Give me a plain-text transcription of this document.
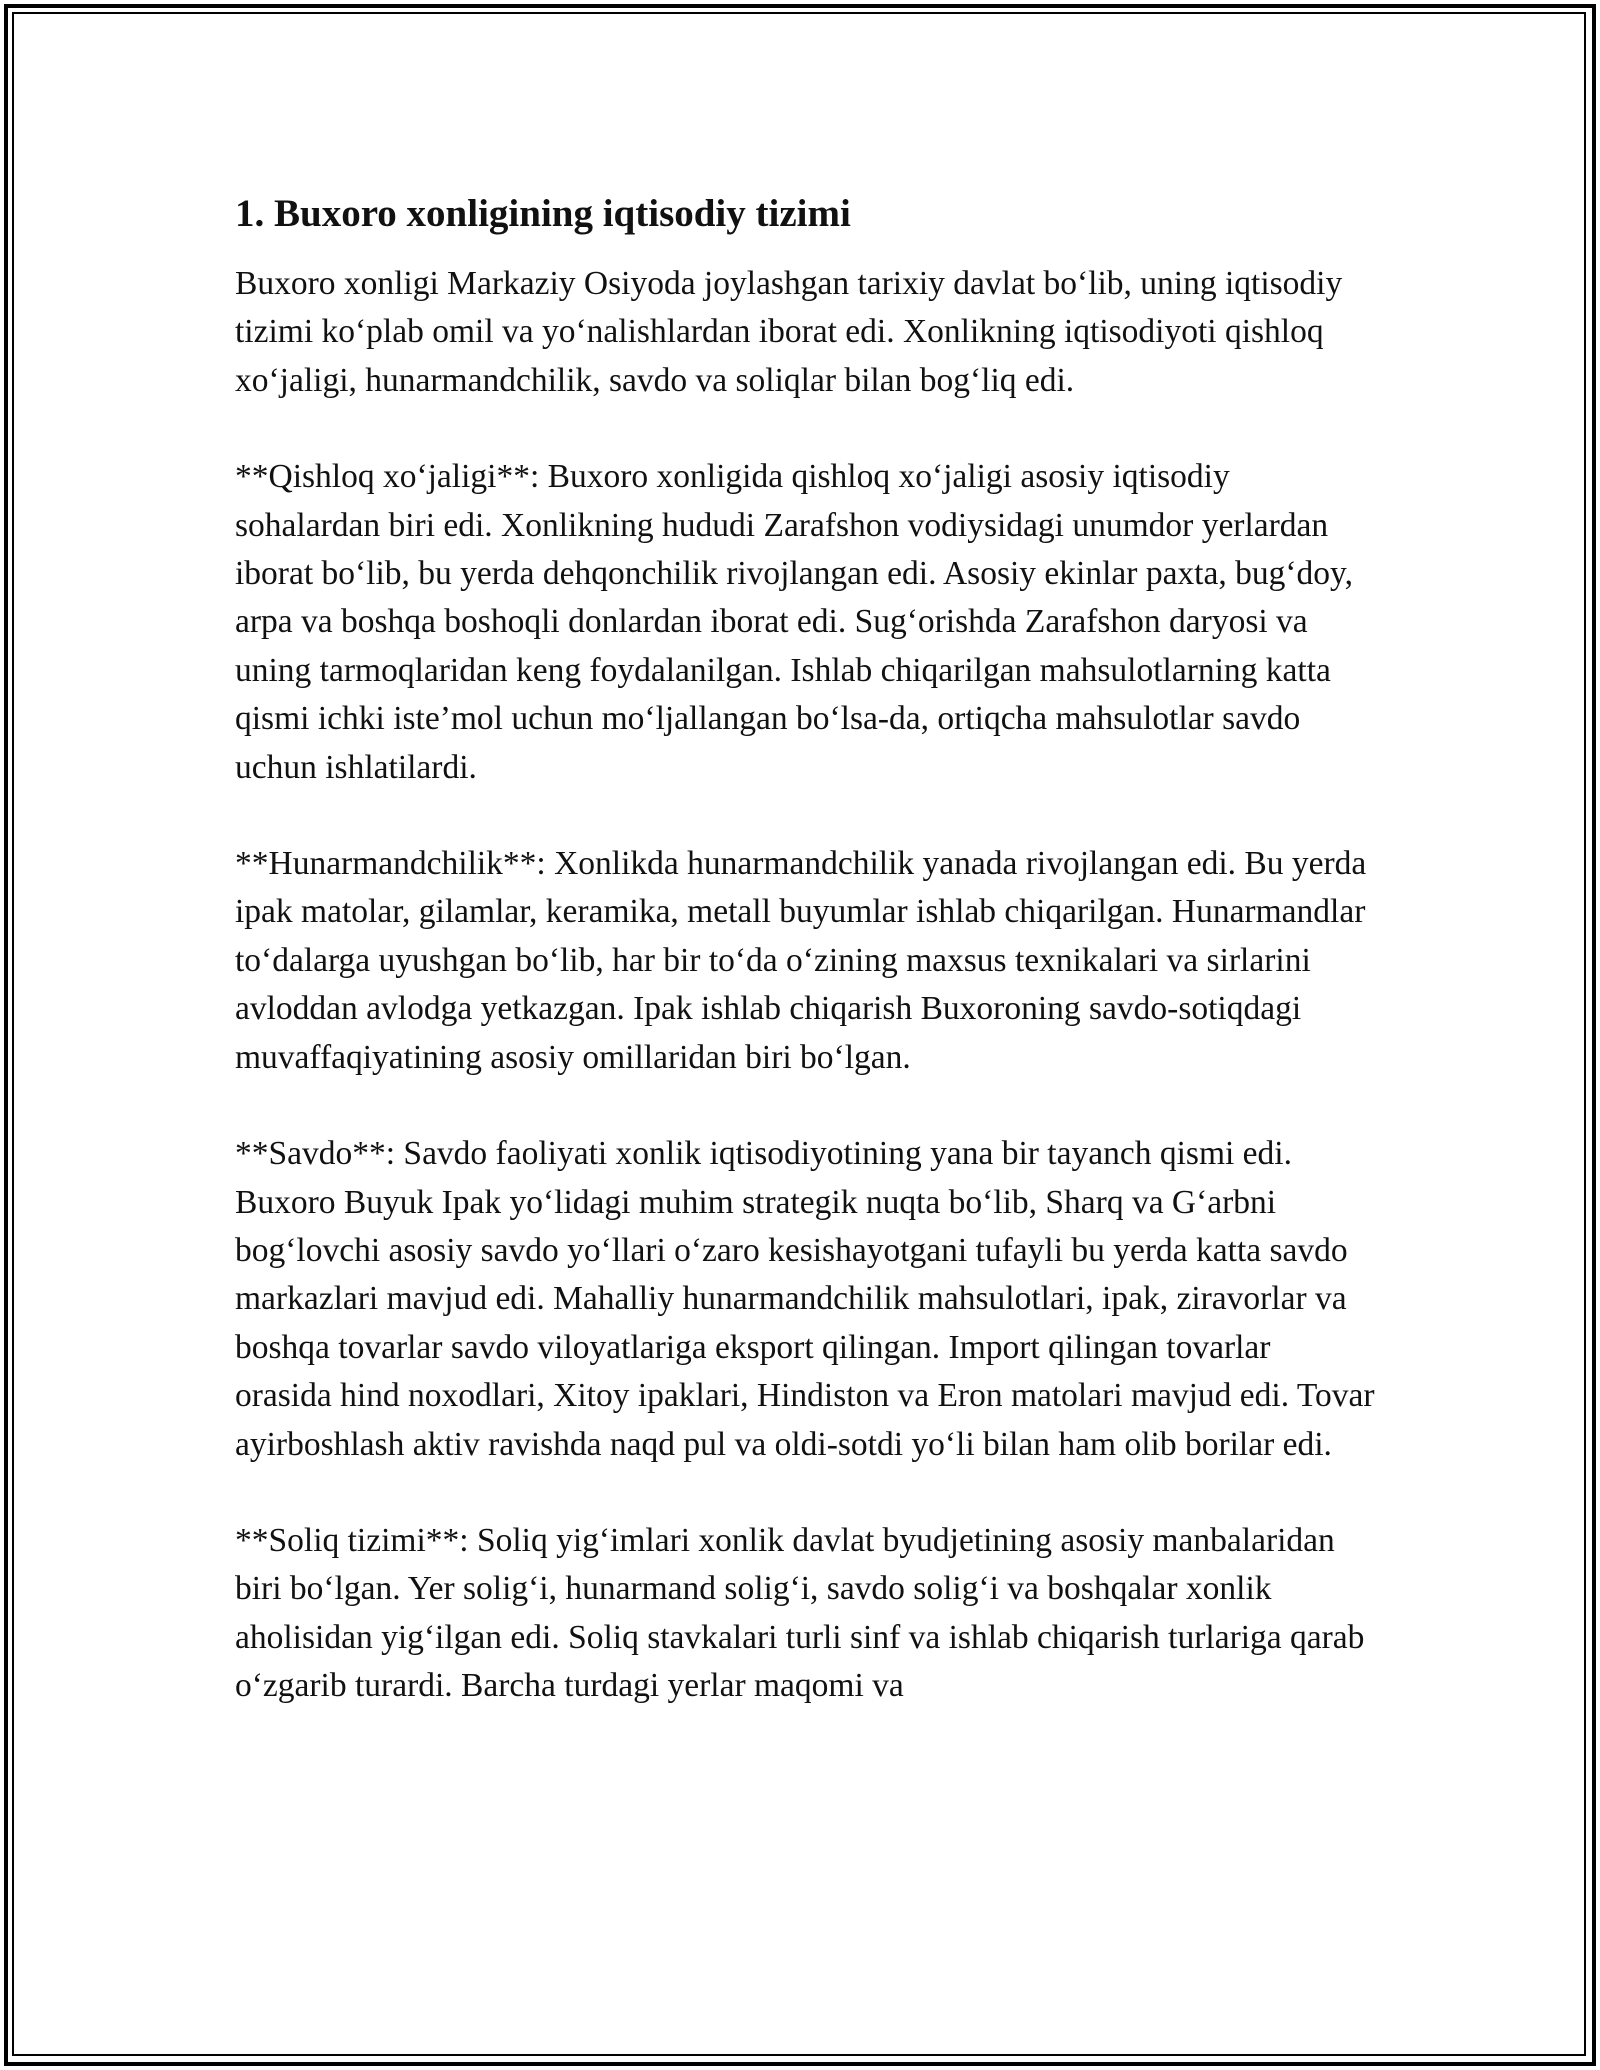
1. Buxoro xonligining iqtisodiy tizimi

Buxoro xonligi Markaziy Osiyoda joylashgan tarixiy davlat bo‘lib, uning iqtisodiy tizimi ko‘plab omil va yo‘nalishlardan iborat edi. Xonlikning iqtisodiyoti qishloq xo‘jaligi, hunarmandchilik, savdo va soliqlar bilan bog‘liq edi.

**Qishloq xo‘jaligi**: Buxoro xonligida qishloq xo‘jaligi asosiy iqtisodiy sohalardan biri edi. Xonlikning hududi Zarafshon vodiysidagi unumdor yerlardan iborat bo‘lib, bu yerda dehqonchilik rivojlangan edi. Asosiy ekinlar paxta, bug‘doy, arpa va boshqa boshoqli donlardan iborat edi. Sug‘orishda Zarafshon daryosi va uning tarmoqlaridan keng foydalanilgan. Ishlab chiqarilgan mahsulotlarning katta qismi ichki iste’mol uchun mo‘ljallangan bo‘lsa-da, ortiqcha mahsulotlar savdo uchun ishlatilardi.

**Hunarmandchilik**: Xonlikda hunarmandchilik yanada rivojlangan edi. Bu yerda ipak matolar, gilamlar, keramika, metall buyumlar ishlab chiqarilgan. Hunarmandlar to‘dalarga uyushgan bo‘lib, har bir to‘da o‘zining maxsus texnikalari va sirlarini avloddan avlodga yetkazgan. Ipak ishlab chiqarish Buxoroning savdo-sotiqdagi muvaffaqiyatining asosiy omillaridan biri bo‘lgan.

**Savdo**: Savdo faoliyati xonlik iqtisodiyotining yana bir tayanch qismi edi. Buxoro Buyuk Ipak yo‘lidagi muhim strategik nuqta bo‘lib, Sharq va G‘arbni bog‘lovchi asosiy savdo yo‘llari o‘zaro kesishayotgani tufayli bu yerda katta savdo markazlari mavjud edi. Mahalliy hunarmandchilik mahsulotlari, ipak, ziravorlar va boshqa tovarlar savdo viloyatlariga eksport qilingan. Import qilingan tovarlar orasida hind noxodlari, Xitoy ipaklari, Hindiston va Eron matolari mavjud edi. Tovar ayirboshlash aktiv ravishda naqd pul va oldi-sotdi yo‘li bilan ham olib borilar edi.

**Soliq tizimi**: Soliq yig‘imlari xonlik davlat byudjetining asosiy manbalaridan biri bo‘lgan. Yer solig‘i, hunarmand solig‘i, savdo solig‘i va boshqalar xonlik aholisidan yig‘ilgan edi. Soliq stavkalari turli sinf va ishlab chiqarish turlariga qarab o‘zgarib turardi. Barcha turdagi yerlar maqomi va
